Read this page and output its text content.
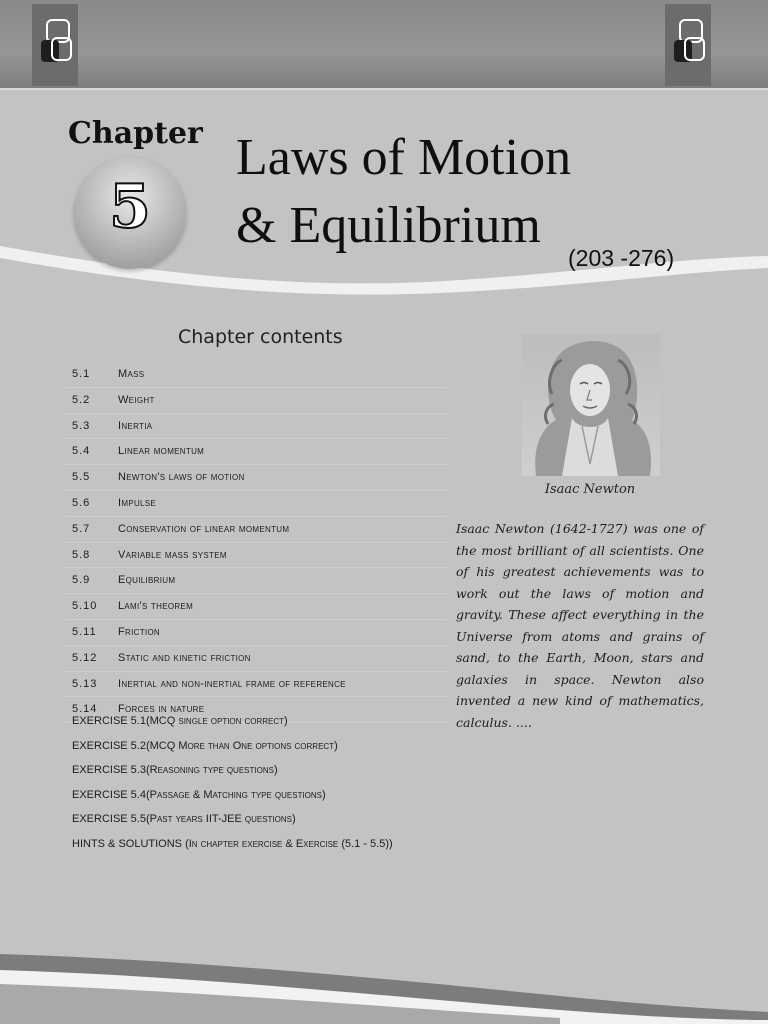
Chapter
5
Laws of Motion
& Equilibrium
(203 -276)
Chapter contents
5.1	Mass
5.2	Weight
5.3	Inertia
5.4	Linear momentum
5.5	Newton's laws of motion
5.6	Impulse
5.7	Conservation of linear momentum
5.8	Variable mass system
5.9	Equilibrium
5.10	Lami's theorem
5.11	Friction
5.12	Static and kinetic friction
5.13	Inertial and non-inertial frame of reference
5.14	Forces in nature
EXERCISE 5.1(MCQ single option correct)
EXERCISE 5.2(MCQ More than One options correct)
EXERCISE 5.3(Reasoning type questions)
EXERCISE 5.4(Passage & Matching type questions)
EXERCISE 5.5(Past years IIT-JEE questions)
HINTS & SOLUTIONS (In chapter exercise & Exercise (5.1 - 5.5))
Isaac Newton
Isaac Newton (1642-1727) was one of the most brilliant of all scientists. One of his greatest achievements was to work out the laws of motion and gravity. These affect everything in the Universe from atoms and grains of sand, to the Earth, Moon, stars and galaxies in space. Newton also invented a new kind of mathematics, calculus. ....
